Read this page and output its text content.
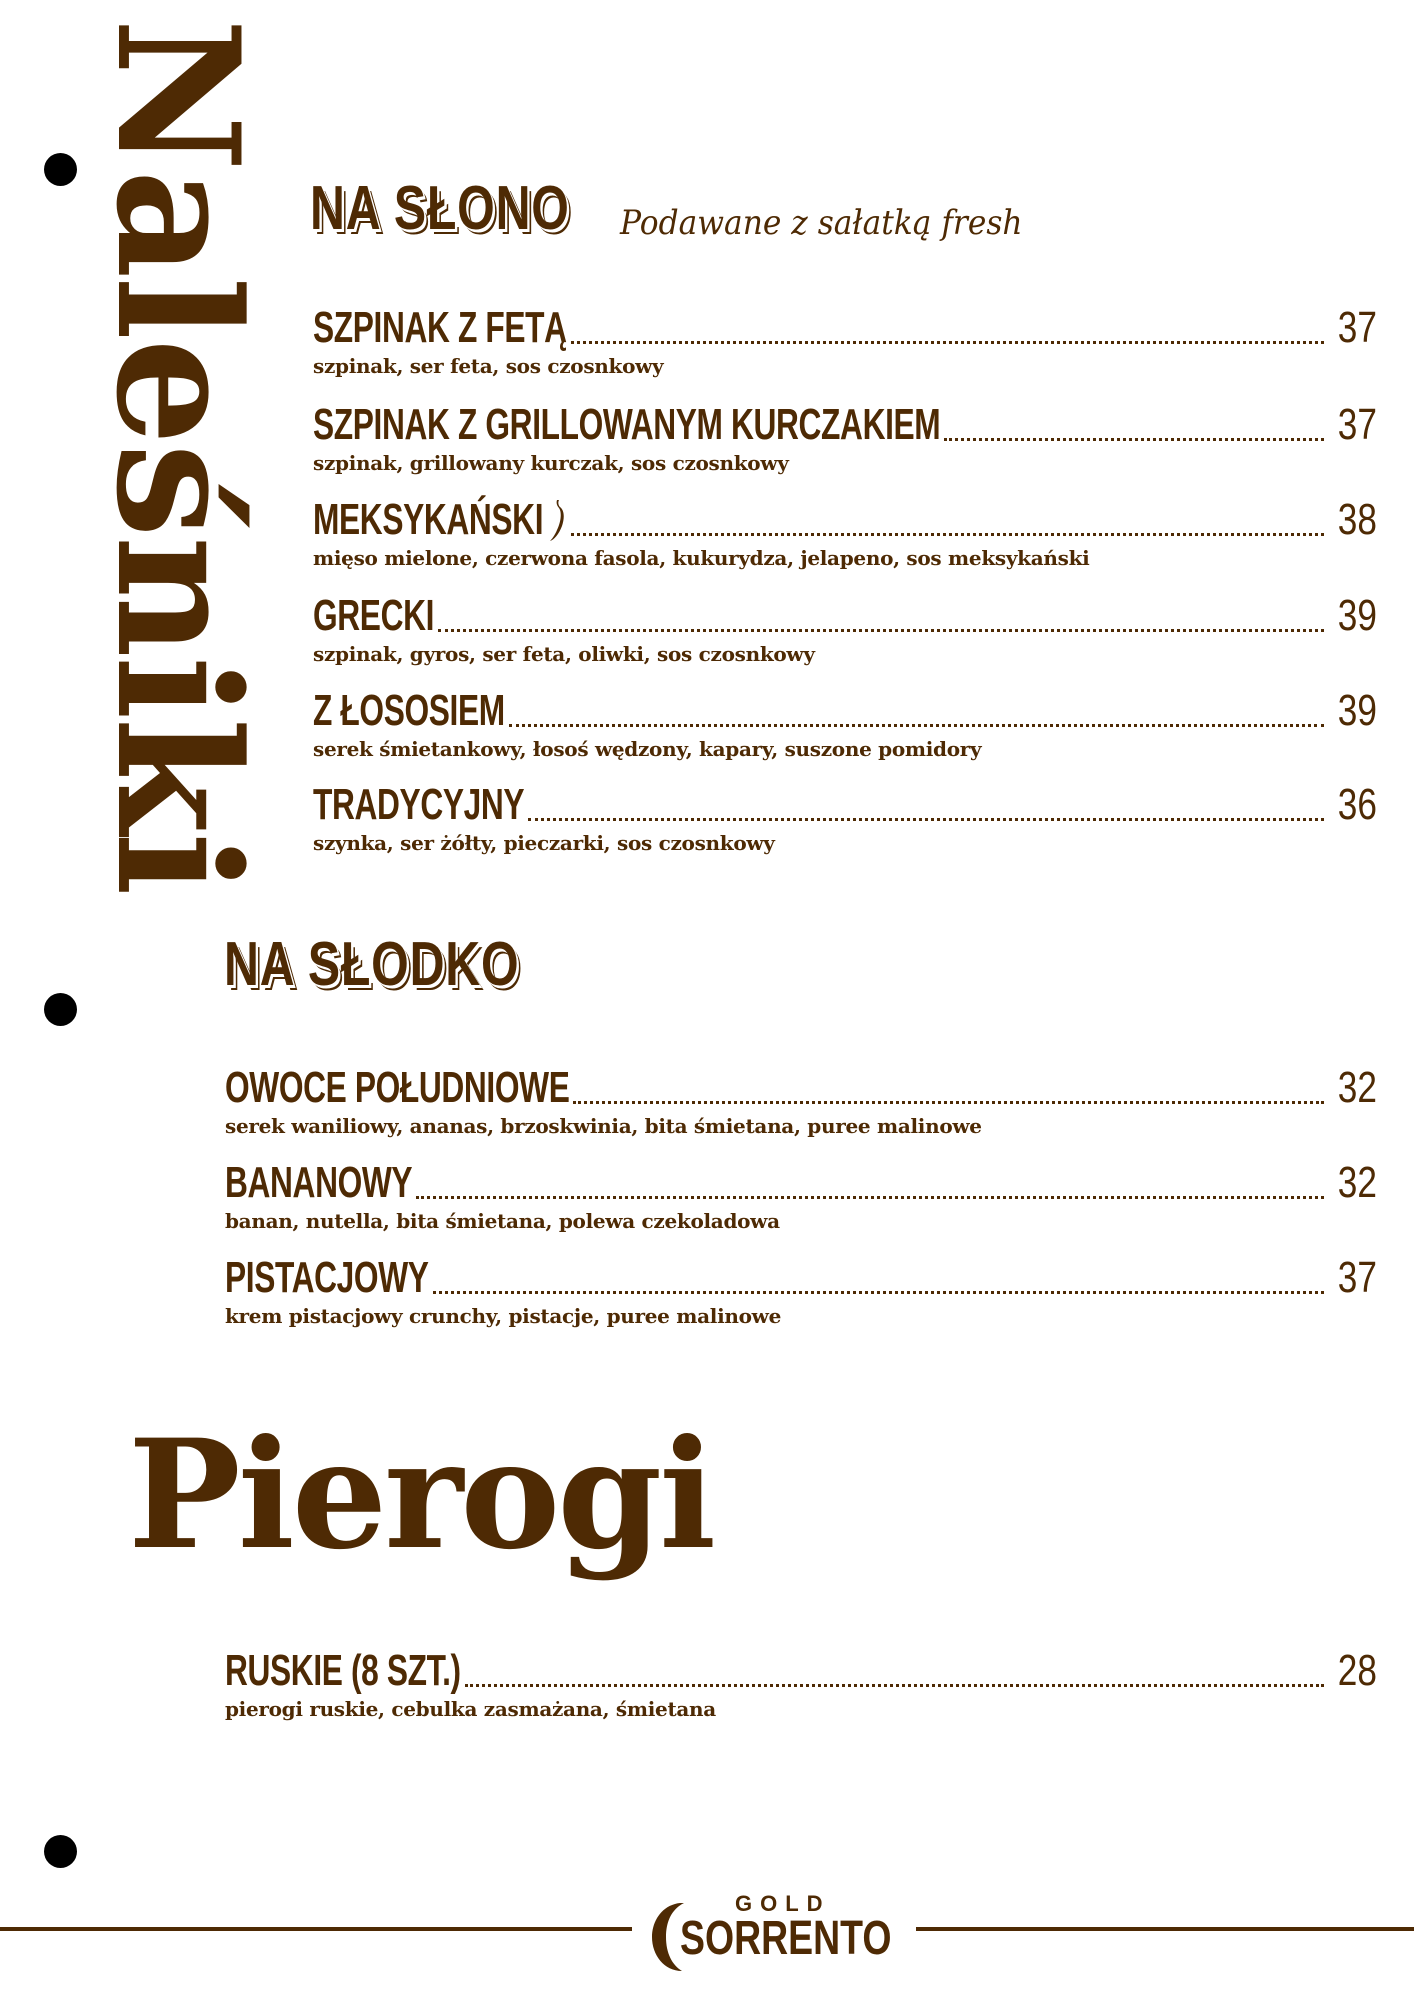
Naleśniki NA SŁONO Podawane z sałatką fresh
SZPINAK Z FETĄ	37
szpinak, ser feta, sos czosnkowy
SZPINAK Z GRILLOWANYM KURCZAKIEM	37
szpinak, grillowany kurczak, sos czosnkowy
MEKSYKAŃSKI	38
mięso mielone, czerwona fasola, kukurydza, jelapeno, sos meksykański
GRECKI	39
szpinak, gyros, ser feta, oliwki, sos czosnkowy
Z ŁOSOSIEM	39
serek śmietankowy, łosoś wędzony, kapary, suszone pomidory
TRADYCYJNY	36
szynka, ser żółty, pieczarki, sos czosnkowy
NA SŁODKO
OWOCE POŁUDNIOWE	32
serek waniliowy, ananas, brzoskwinia, bita śmietana, puree malinowe
BANANOWY	32
banan, nutella, bita śmietana, polewa czekoladowa
PISTACJOWY	37
krem pistacjowy crunchy, pistacje, puree malinowe
Pierogi
RUSKIE (8 SZT.)	28
pierogi ruskie, cebulka zasmażana, śmietana
GOLD
SORRENTO
